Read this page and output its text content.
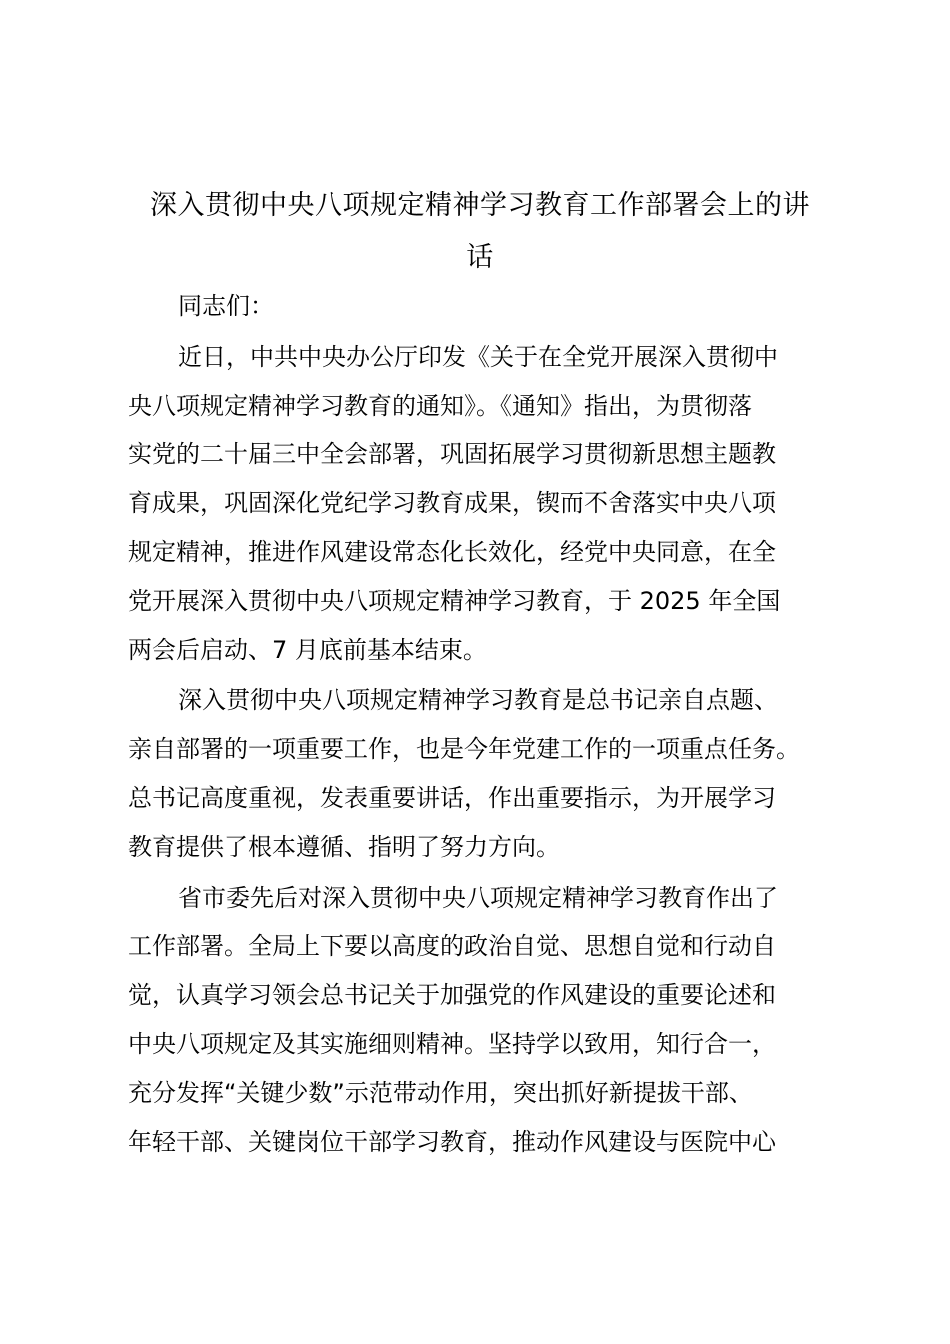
深入贯彻中央八项规定精神学习教育工作部署会上的讲
话

同志们：

近日，中共中央办公厅印发《关于在全党开展深入贯彻中
央八项规定精神学习教育的通知》。《通知》指出，为贯彻落
实党的二十届三中全会部署，巩固拓展学习贯彻新思想主题教
育成果，巩固深化党纪学习教育成果，锲而不舍落实中央八项
规定精神，推进作风建设常态化长效化，经党中央同意，在全
党开展深入贯彻中央八项规定精神学习教育，于 2025 年全国
两会后启动、7 月底前基本结束。

深入贯彻中央八项规定精神学习教育是总书记亲自点题、
亲自部署的一项重要工作，也是今年党建工作的一项重点任务。
总书记高度重视，发表重要讲话，作出重要指示，为开展学习
教育提供了根本遵循、指明了努力方向。

省市委先后对深入贯彻中央八项规定精神学习教育作出了
工作部署。全局上下要以高度的政治自觉、思想自觉和行动自
觉，认真学习领会总书记关于加强党的作风建设的重要论述和
中央八项规定及其实施细则精神。坚持学以致用，知行合一，
充分发挥“关键少数”示范带动作用，突出抓好新提拔干部、
年轻干部、关键岗位干部学习教育，推动作风建设与医院中心
